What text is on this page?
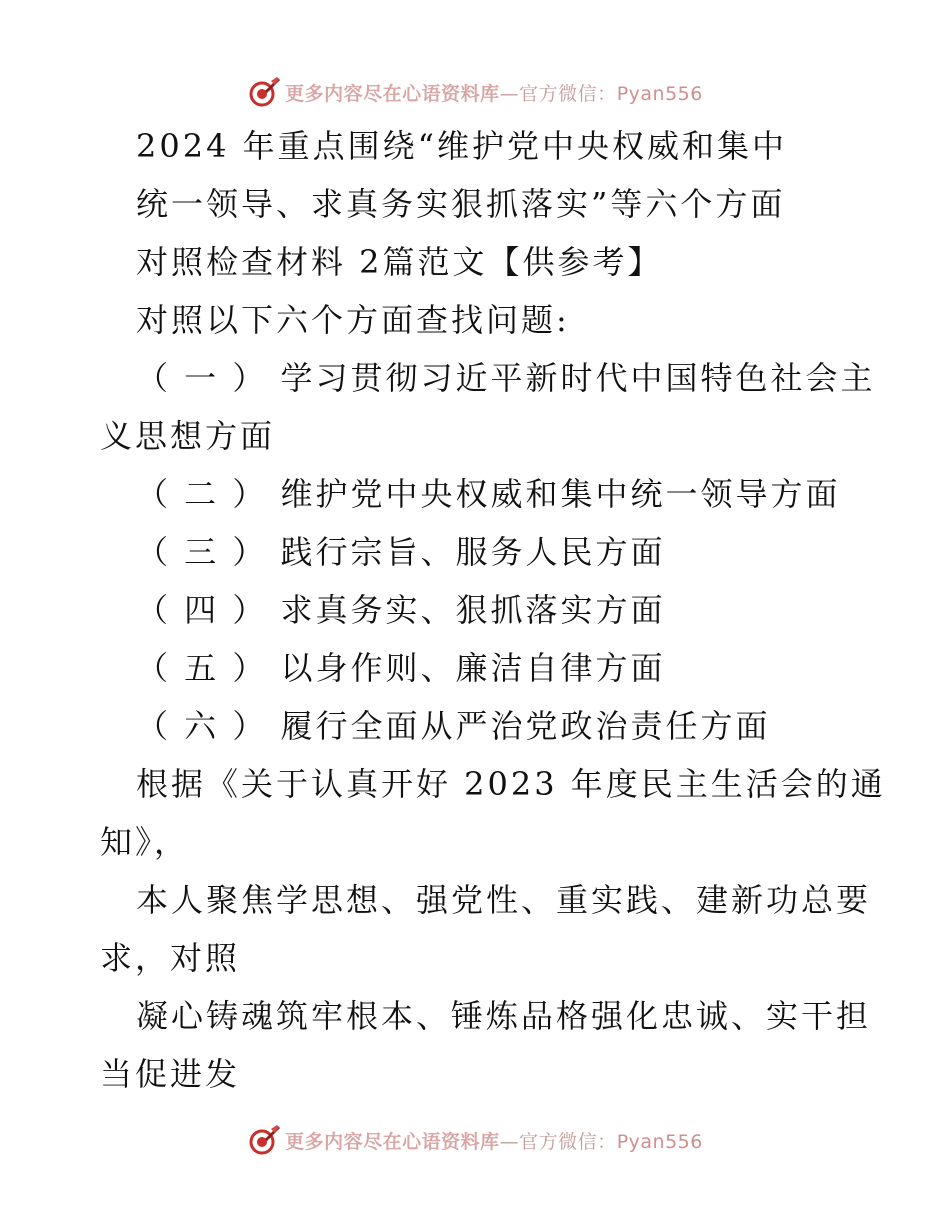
更多内容尽在心语资料库—官方微信：Pyan556
2024 年重点围绕“维护党中央权威和集中
统一领导、求真务实狠抓落实”等六个方面
对照检查材料 2篇范文【供参考】
对照以下六个方面查找问题:
（ 一 ） 学习贯彻习近平新时代中国特色社会主
义思想方面
（ 二 ） 维护党中央权威和集中统一领导方面
（ 三 ） 践行宗旨、服务人民方面
（ 四 ） 求真务实、狠抓落实方面
（ 五 ） 以身作则、廉洁自律方面
（ 六 ） 履行全面从严治党政治责任方面
根据《关于认真开好 2023 年度民主生活会的通
知》，
本人聚焦学思想、强党性、重实践、建新功总要
求，对照
凝心铸魂筑牢根本、锤炼品格强化忠诚、实干担
当促进发
更多内容尽在心语资料库—官方微信：Pyan556
